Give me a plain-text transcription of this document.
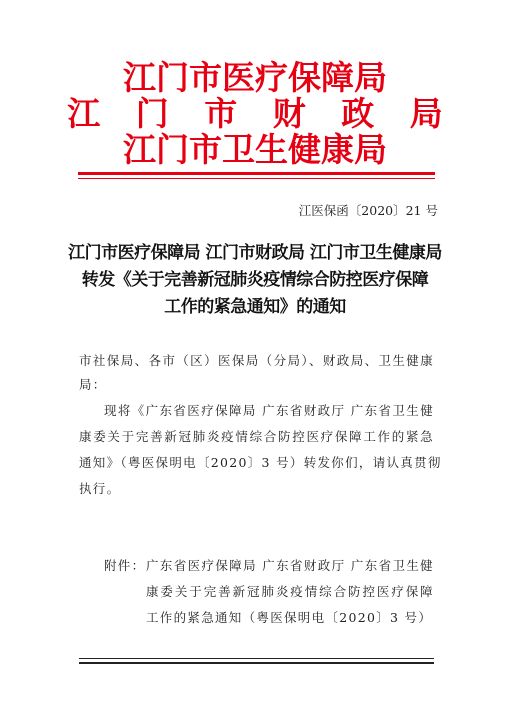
江门市医疗保障局
江 门 市 财 政 局
江门市卫生健康局
江医保函〔2020〕21 号
江门市医疗保障局 江门市财政局 江门市卫生健康局
转发《关于完善新冠肺炎疫情综合防控医疗保障
工作的紧急通知》的通知
市社保局、各市（区）医保局（分局）、财政局、卫生健康
局：
现将《广东省医疗保障局 广东省财政厅 广东省卫生健
康委关于完善新冠肺炎疫情综合防控医疗保障工作的紧急
通知》（粤医保明电〔2020〕3 号）转发你们，请认真贯彻
执行。
附件： 广东省医疗保障局 广东省财政厅 广东省卫生健
康委关于完善新冠肺炎疫情综合防控医疗保障
工作的紧急通知（粤医保明电〔2020〕3 号）
